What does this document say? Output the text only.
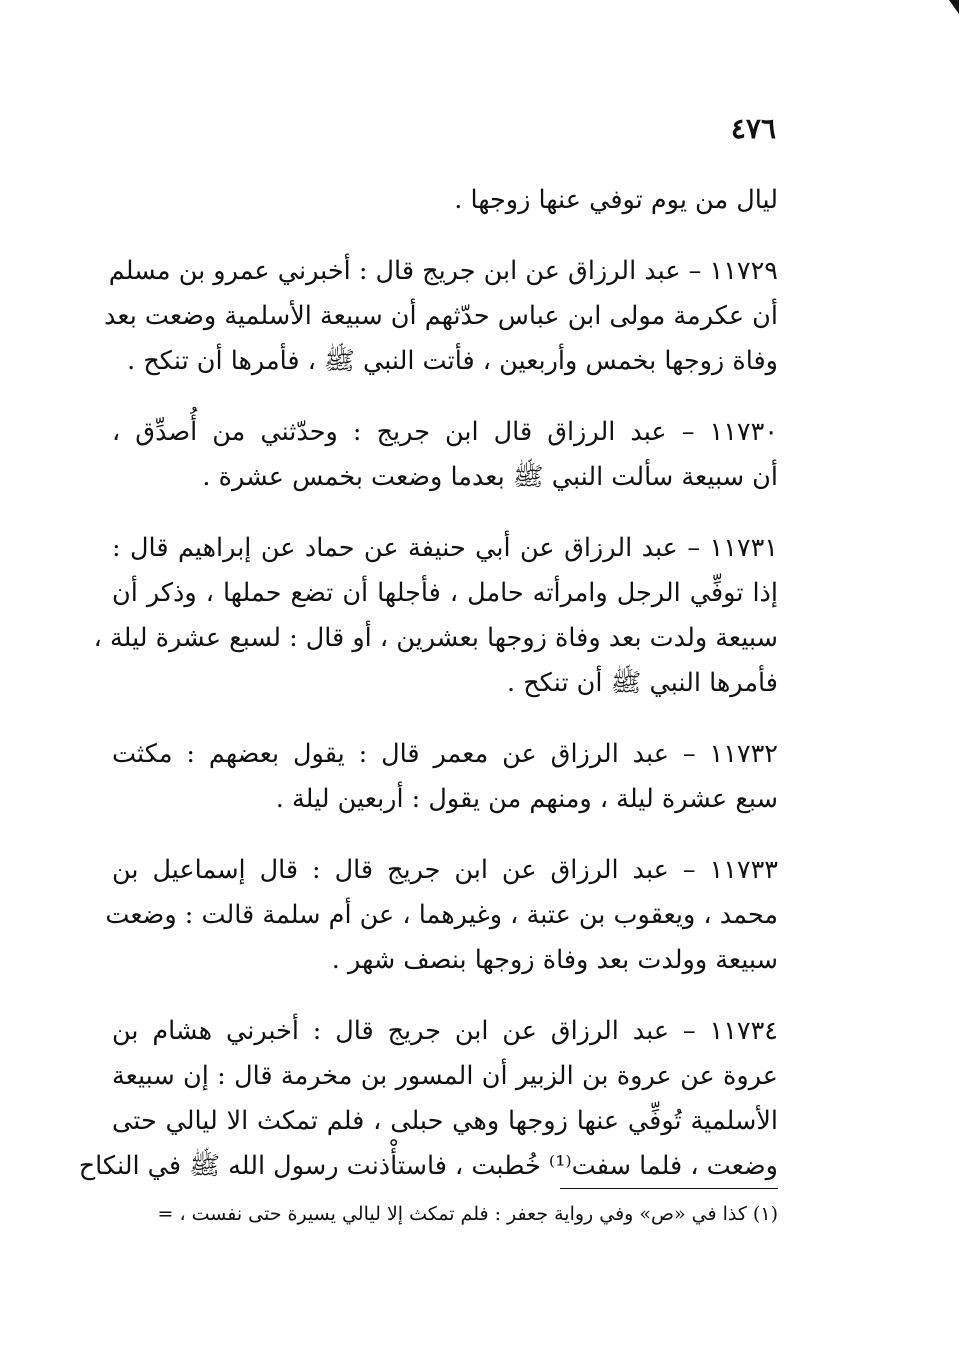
٤٧٦
ليال من يوم توفي عنها زوجها .
١١٧٢٩ – عبد الرزاق عن ابن جريج قال : أخبرني عمرو بن مسلم
أن عكرمة مولى ابن عباس حدّثهم أن سبيعة الأسلمية وضعت بعد
وفاة زوجها بخمس وأربعين ، فأتت النبي ﷺ ، فأمرها أن تنكح .
١١٧٣٠ – عبد الرزاق قال ابن جريج : وحدّثني من أُصدِّق ،
أن سبيعة سألت النبي ﷺ بعدما وضعت بخمس عشرة .
١١٧٣١ – عبد الرزاق عن أبي حنيفة عن حماد عن إبراهيم قال :
إذا توفِّي الرجل وامرأته حامل ، فأجلها أن تضع حملها ، وذكر أن
سبيعة ولدت بعد وفاة زوجها بعشرين ، أو قال : لسبع عشرة ليلة ،
فأمرها النبي ﷺ أن تنكح .
١١٧٣٢ – عبد الرزاق عن معمر قال : يقول بعضهم : مكثت
سبع عشرة ليلة ، ومنهم من يقول : أربعين ليلة .
١١٧٣٣ – عبد الرزاق عن ابن جريج قال : قال إسماعيل بن
محمد ، ويعقوب بن عتبة ، وغيرهما ، عن أم سلمة قالت : وضعت
سبيعة وولدت بعد وفاة زوجها بنصف شهر .
١١٧٣٤ – عبد الرزاق عن ابن جريج قال : أخبرني هشام بن
عروة عن عروة بن الزبير أن المسور بن مخرمة قال : إن سبيعة
الأسلمية تُوفِّي عنها زوجها وهي حبلى ، فلم تمكث الا ليالي حتى
وضعت ، فلما سفت⁽¹⁾ خُطبت ، فاستأْذنت رسول الله ﷺ في النكاح
(١) كذا في «ص» وفي رواية جعفر : فلم تمكث إلا ليالي يسيرة حتى نفست ، =
